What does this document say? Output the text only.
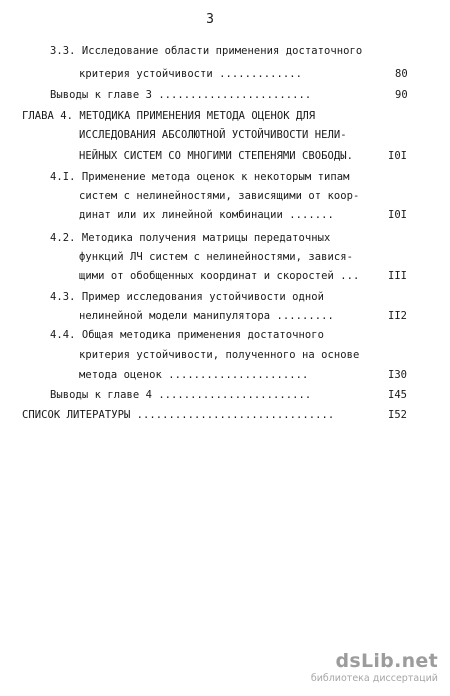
3
3.3. Исследование области применения достаточного
критерия устойчивости .............	80
Выводы к главе 3 ........................	90
ГЛАВА 4. МЕТОДИКА ПРИМЕНЕНИЯ МЕТОДА ОЦЕНОК ДЛЯ
ИССЛЕДОВАНИЯ АБСОЛЮТНОЙ УСТОЙЧИВОСТИ НЕЛИ-
НЕЙНЫХ СИСТЕМ СО МНОГИМИ СТЕПЕНЯМИ СВОБОДЫ.	I0I
4.I. Применение метода оценок к некоторым типам
систем с нелинейностями, зависящими от коор-
динат или их линейной комбинации .......	I0I
4.2. Методика получения матрицы передаточных
функций ЛЧ систем с нелинейностями, завися-
щими от обобщенных координат и скоростей ...	III
4.3. Пример исследования устойчивости одной
нелинейной модели манипулятора .........	II2
4.4. Общая методика применения достаточного
критерия устойчивости, полученного на основе
метода оценок ......................	I30
Выводы к главе 4 ........................	I45
СПИСОК ЛИТЕРАТУРЫ ...............................	I52
dsLib.net
библиотека диссертаций
